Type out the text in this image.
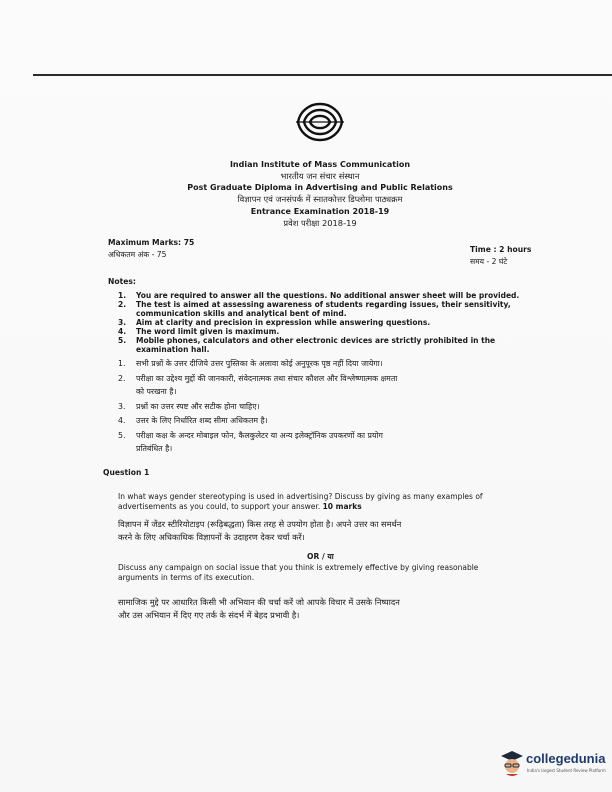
Indian Institute of Mass Communication
भारतीय जन संचार संस्थान
Post Graduate Diploma in Advertising and Public Relations
विज्ञापन एवं जनसंपर्क में स्नातकोत्तर डिप्लोमा पाठ्यक्रम
Entrance Examination 2018-19
प्रवेश परीक्षा 2018-19
Maximum Marks: 75
अधिकतम अंक - 75
Time : 2 hours
समय - 2 घंटे
Notes:
1. You are required to answer all the questions. No additional answer sheet will be provided.
2. The test is aimed at assessing awareness of students regarding issues, their sensitivity,
communication skills and analytical bent of mind.
3. Aim at clarity and precision in expression while answering questions.
4. The word limit given is maximum.
5. Mobile phones, calculators and other electronic devices are strictly prohibited in the
examination hall.
1. सभी प्रश्नों के उत्तर दीजिये उत्तर पुस्तिका के अलावा कोई अनुपूरक पृष्ठ नहीं दिया जायेगा।
2. परीक्षा का उद्देश्य मुद्दों की जानकारी, संवेदनात्मक तथा संचार कौशल और विश्लेष्णात्मक क्षमता
को परखना है।
3. प्रश्नों का उत्तर स्पष्ट और सटीक होना चाहिए।
4. उत्तर के लिए निर्धारित शब्द सीमा अधिकतम है।
5. परीक्षा कक्ष के अन्दर मोबाइल फोन, कैलकुलेटर या अन्य इलेक्ट्रॉनिक उपकरणों का प्रयोग
प्रतिबंधित है।
Question 1
In what ways gender stereotyping is used in advertising? Discuss by giving as many examples of
advertisements as you could, to support your answer. 10 marks
विज्ञापन में जेंडर स्टीरियोटाइप (रूढ़िबद्धता) किस तरह से उपयोग होता है। अपने उत्तर का समर्थन
करने के लिए अधिकाधिक विज्ञापनों के उदाहरण देकर चर्चा करें।
OR / या
Discuss any campaign on social issue that you think is extremely effective by giving reasonable
arguments in terms of its execution.
सामाजिक मुद्दे पर आधारित किसी भी अभियान की चर्चा करें जो आपके विचार में उसके निष्पादन
और उस अभियान में दिए गए तर्क के संदर्भ में बेहद प्रभावी है।
collegedunia
India's largest Student Review Platform
